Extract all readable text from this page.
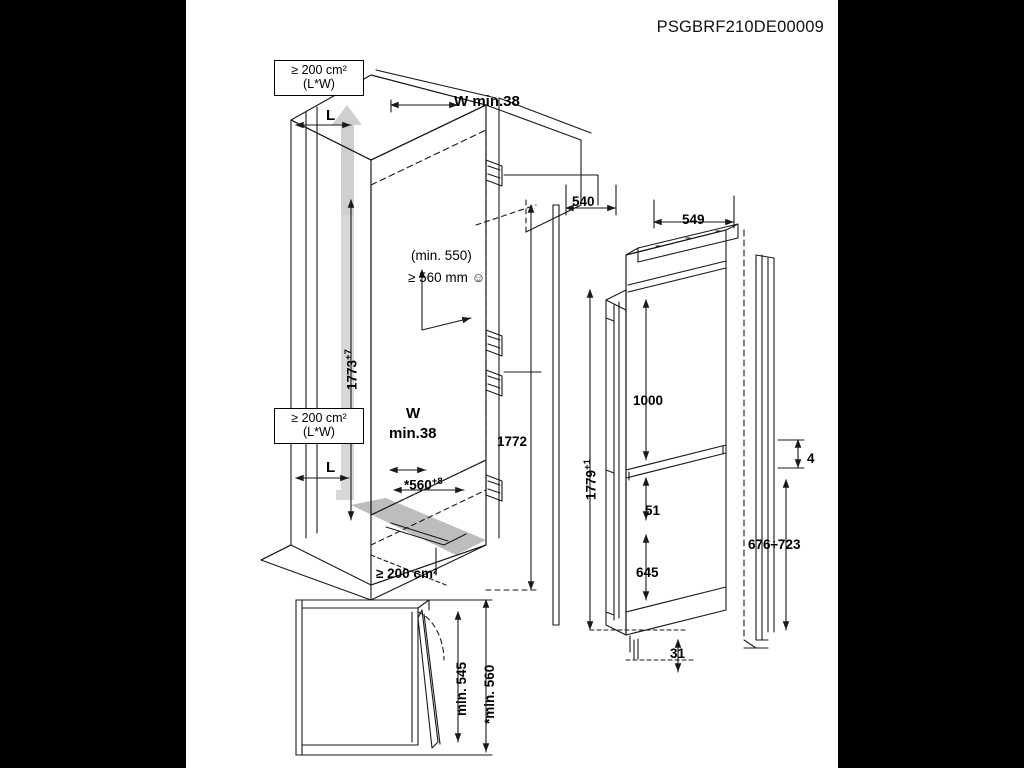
PSGBRF210DE00009
≥ 200 cm²
(L*W)
W min.38
L
(min. 550)
≥ 560 mm ☺
$1773^{+7}$
≥ 200 cm²
(L*W)
W
min.38
L
$*560^{+8}$
1772
≥ 200 cm²
540
549
$1779^{+1}$
1000
51
645
31
4
676÷723
min. 545 *min. 560
